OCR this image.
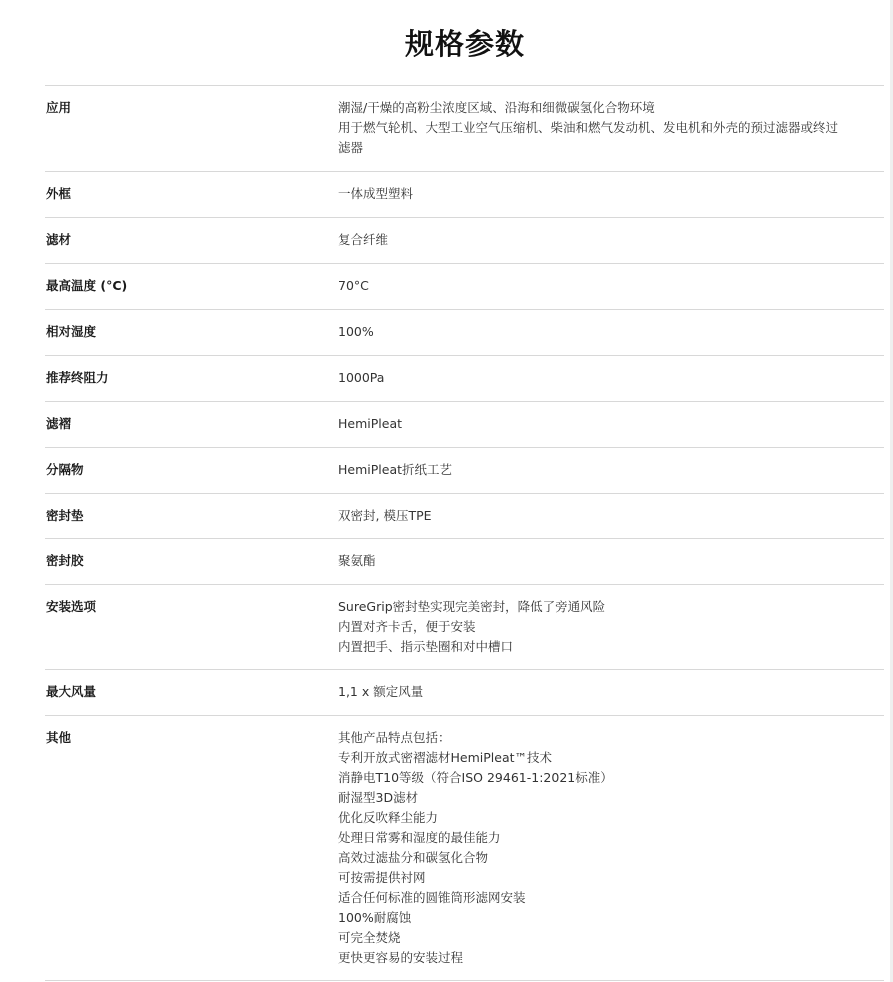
规格参数
应用	潮湿/干燥的高粉尘浓度区域、沿海和细微碳氢化合物环境
用于燃气轮机、大型工业空气压缩机、柴油和燃气发动机、发电机和外壳的预过滤器或终过
滤器
外框	一体成型塑料
滤材	复合纤维
最高温度 (°C)	70°C
相对湿度	100%
推荐终阻力	1000Pa
滤褶	HemiPleat
分隔物	HemiPleat折纸工艺
密封垫	双密封, 模压TPE
密封胶	聚氨酯
安装选项	SureGrip密封垫实现完美密封，降低了旁通风险
内置对齐卡舌，便于安装
内置把手、指示垫圈和对中槽口
最大风量	1,1 x 额定风量
其他	其他产品特点包括：
专利开放式密褶滤材HemiPleat™技术
消静电T10等级（符合ISO 29461-1:2021标准）
耐湿型3D滤材
优化反吹释尘能力
处理日常雾和湿度的最佳能力
高效过滤盐分和碳氢化合物
可按需提供衬网
适合任何标准的圆锥筒形滤网安装
100%耐腐蚀
可完全焚烧
更快更容易的安装过程
